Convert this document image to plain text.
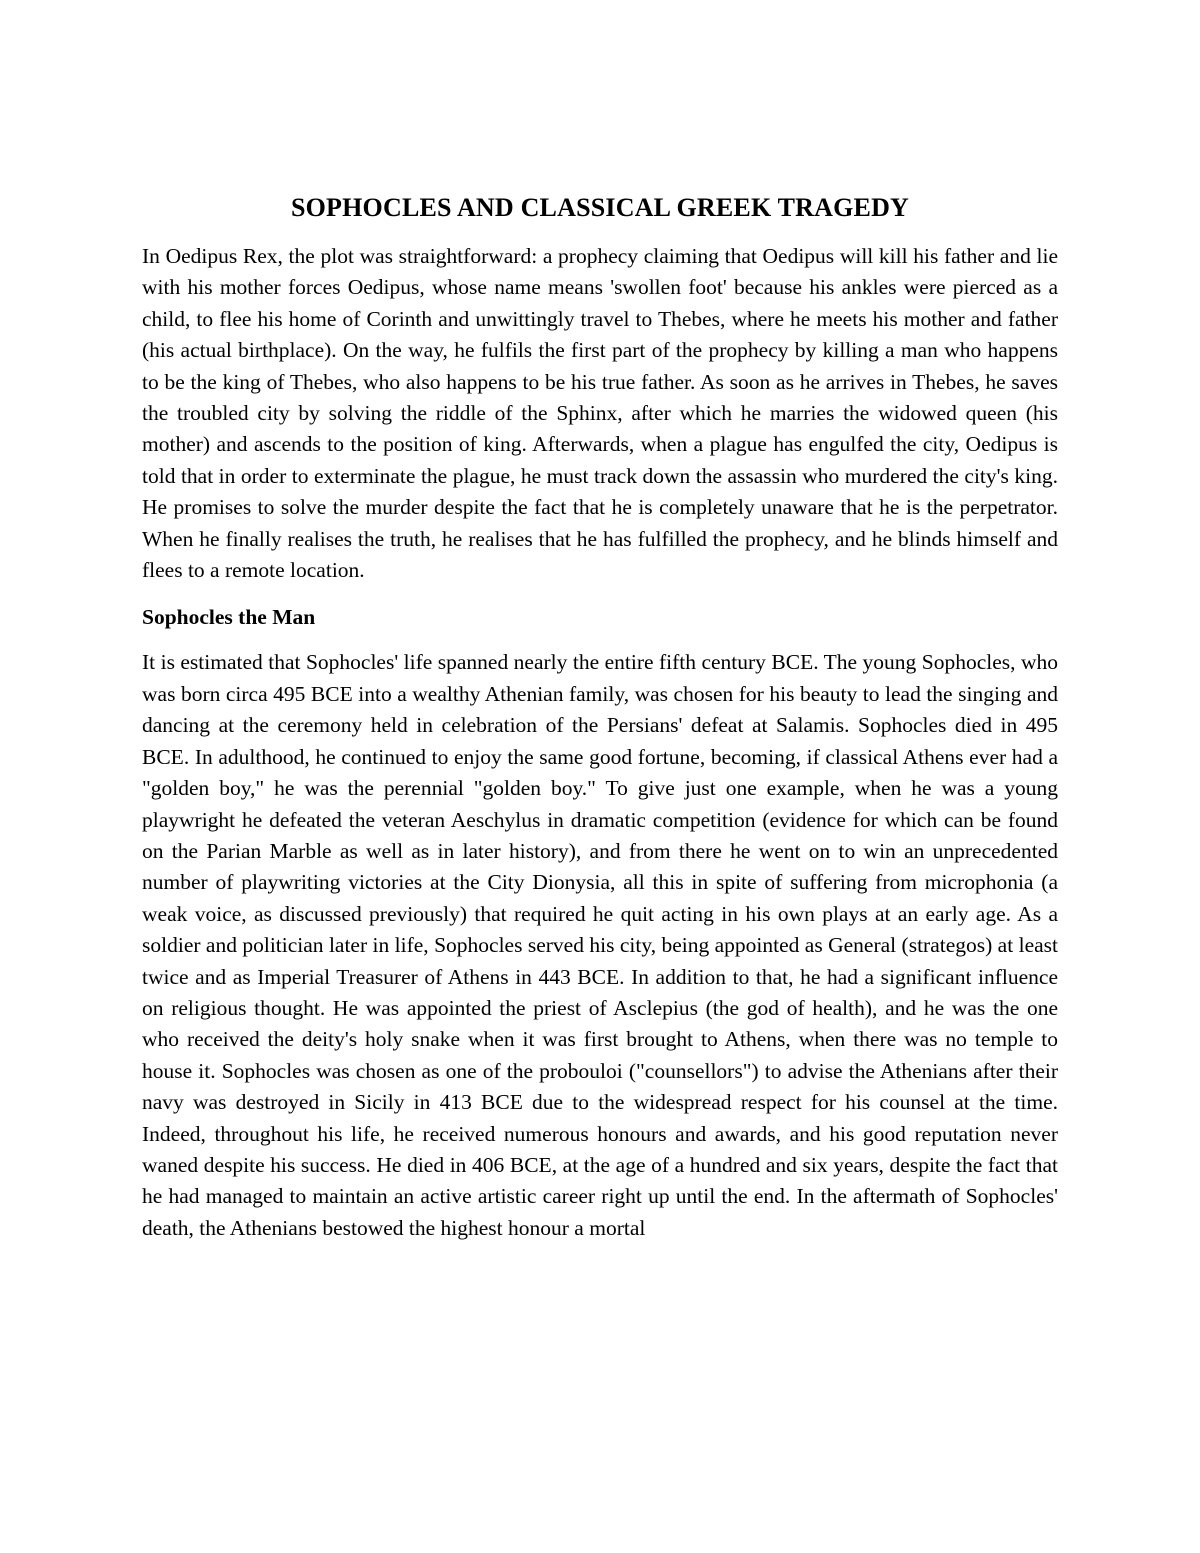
SOPHOCLES AND CLASSICAL GREEK TRAGEDY

In Oedipus Rex, the plot was straightforward: a prophecy claiming that Oedipus will kill his father and lie with his mother forces Oedipus, whose name means 'swollen foot' because his ankles were pierced as a child, to flee his home of Corinth and unwittingly travel to Thebes, where he meets his mother and father (his actual birthplace). On the way, he fulfils the first part of the prophecy by killing a man who happens to be the king of Thebes, who also happens to be his true father. As soon as he arrives in Thebes, he saves the troubled city by solving the riddle of the Sphinx, after which he marries the widowed queen (his mother) and ascends to the position of king. Afterwards, when a plague has engulfed the city, Oedipus is told that in order to exterminate the plague, he must track down the assassin who murdered the city's king. He promises to solve the murder despite the fact that he is completely unaware that he is the perpetrator. When he finally realises the truth, he realises that he has fulfilled the prophecy, and he blinds himself and flees to a remote location.

Sophocles the Man

It is estimated that Sophocles' life spanned nearly the entire fifth century BCE. The young Sophocles, who was born circa 495 BCE into a wealthy Athenian family, was chosen for his beauty to lead the singing and dancing at the ceremony held in celebration of the Persians' defeat at Salamis. Sophocles died in 495 BCE. In adulthood, he continued to enjoy the same good fortune, becoming, if classical Athens ever had a "golden boy," he was the perennial "golden boy." To give just one example, when he was a young playwright he defeated the veteran Aeschylus in dramatic competition (evidence for which can be found on the Parian Marble as well as in later history), and from there he went on to win an unprecedented number of playwriting victories at the City Dionysia, all this in spite of suffering from microphonia (a weak voice, as discussed previously) that required he quit acting in his own plays at an early age. As a soldier and politician later in life, Sophocles served his city, being appointed as General (strategos) at least twice and as Imperial Treasurer of Athens in 443 BCE. In addition to that, he had a significant influence on religious thought. He was appointed the priest of Asclepius (the god of health), and he was the one who received the deity's holy snake when it was first brought to Athens, when there was no temple to house it. Sophocles was chosen as one of the probouloi ("counsellors") to advise the Athenians after their navy was destroyed in Sicily in 413 BCE due to the widespread respect for his counsel at the time. Indeed, throughout his life, he received numerous honours and awards, and his good reputation never waned despite his success. He died in 406 BCE, at the age of a hundred and six years, despite the fact that he had managed to maintain an active artistic career right up until the end. In the aftermath of Sophocles' death, the Athenians bestowed the highest honour a mortal
